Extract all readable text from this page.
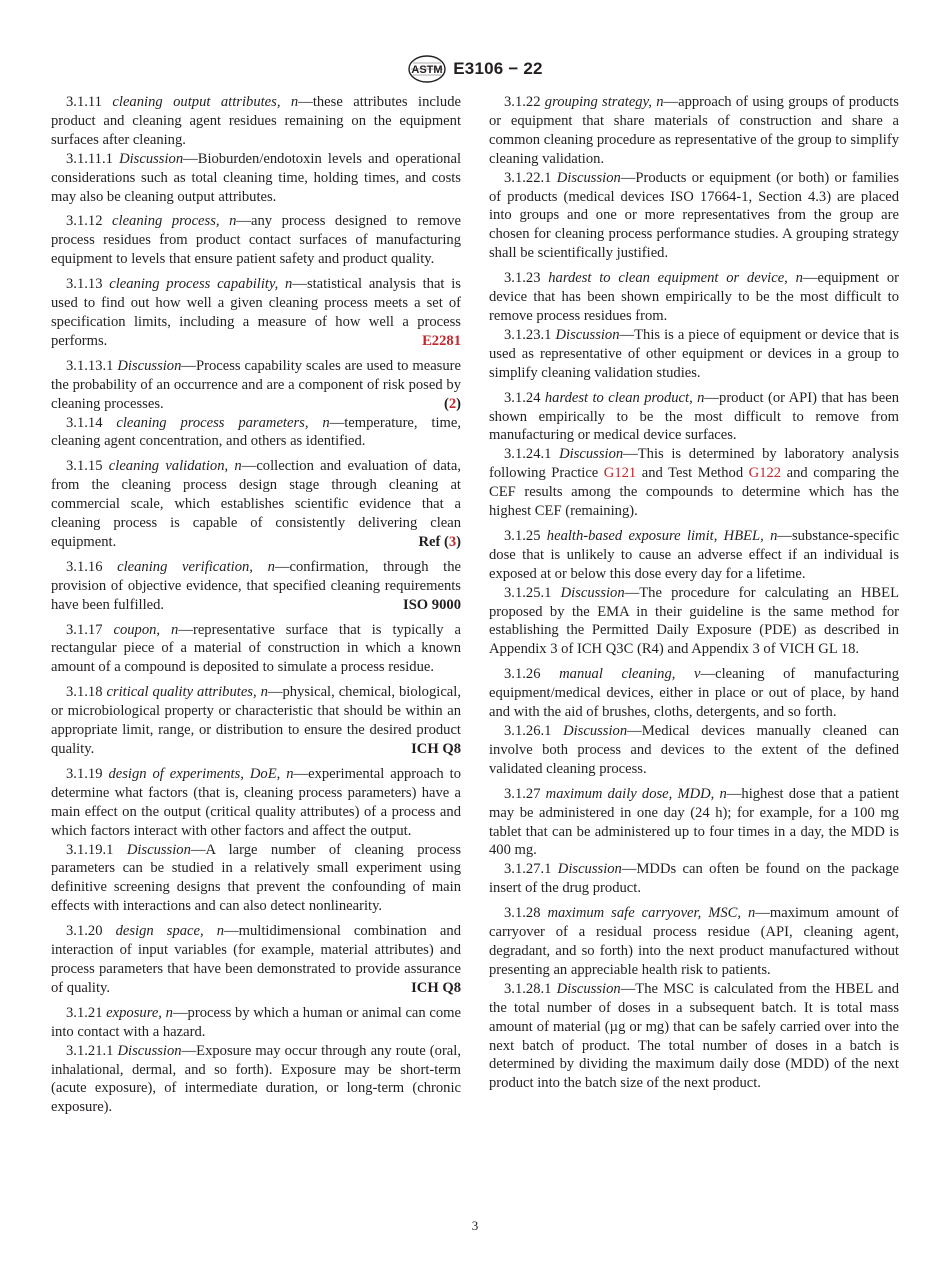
ASTM E3106 − 22

3.1.11 cleaning output attributes, n—these attributes include product and cleaning agent residues remaining on the equipment surfaces after cleaning.

3.1.11.1 Discussion—Bioburden/endotoxin levels and operational considerations such as total cleaning time, holding times, and costs may also be cleaning output attributes.

3.1.12 cleaning process, n—any process designed to remove process residues from product contact surfaces of manufacturing equipment to levels that ensure patient safety and product quality.

3.1.13 cleaning process capability, n—statistical analysis that is used to find out how well a given cleaning process meets a set of specification limits, including a measure of how well a process performs.	E2281

3.1.13.1 Discussion—Process capability scales are used to measure the probability of an occurrence and are a component of risk posed by cleaning processes.	(2)

3.1.14 cleaning process parameters, n—temperature, time, cleaning agent concentration, and others as identified.

3.1.15 cleaning validation, n—collection and evaluation of data, from the cleaning process design stage through cleaning at commercial scale, which establishes scientific evidence that a cleaning process is capable of consistently delivering clean equipment.	Ref (3)

3.1.16 cleaning verification, n—confirmation, through the provision of objective evidence, that specified cleaning requirements have been fulfilled.	ISO 9000

3.1.17 coupon, n—representative surface that is typically a rectangular piece of a material of construction in which a known amount of a compound is deposited to simulate a process residue.

3.1.18 critical quality attributes, n—physical, chemical, biological, or microbiological property or characteristic that should be within an appropriate limit, range, or distribution to ensure the desired product quality.	ICH Q8

3.1.19 design of experiments, DoE, n—experimental approach to determine what factors (that is, cleaning process parameters) have a main effect on the output (critical quality attributes) of a process and which factors interact with other factors and affect the output.

3.1.19.1 Discussion—A large number of cleaning process parameters can be studied in a relatively small experiment using definitive screening designs that prevent the confounding of main effects with interactions and can also detect nonlinearity.

3.1.20 design space, n—multidimensional combination and interaction of input variables (for example, material attributes) and process parameters that have been demonstrated to provide assurance of quality.	ICH Q8

3.1.21 exposure, n—process by which a human or animal can come into contact with a hazard.

3.1.21.1 Discussion—Exposure may occur through any route (oral, inhalational, dermal, and so forth). Exposure may be short-term (acute exposure), of intermediate duration, or long-term (chronic exposure).

3.1.22 grouping strategy, n—approach of using groups of products or equipment that share materials of construction and share a common cleaning procedure as representative of the group to simplify cleaning validation.

3.1.22.1 Discussion—Products or equipment (or both) or families of products (medical devices ISO 17664-1, Section 4.3) are placed into groups and one or more representatives from the group are chosen for cleaning process performance studies. A grouping strategy shall be scientifically justified.

3.1.23 hardest to clean equipment or device, n—equipment or device that has been shown empirically to be the most difficult to remove process residues from.

3.1.23.1 Discussion—This is a piece of equipment or device that is used as representative of other equipment or devices in a group to simplify cleaning validation studies.

3.1.24 hardest to clean product, n—product (or API) that has been shown empirically to be the most difficult to remove from manufacturing or medical device surfaces.

3.1.24.1 Discussion—This is determined by laboratory analysis following Practice G121 and Test Method G122 and comparing the CEF results among the compounds to determine which has the highest CEF (remaining).

3.1.25 health-based exposure limit, HBEL, n—substance-specific dose that is unlikely to cause an adverse effect if an individual is exposed at or below this dose every day for a lifetime.

3.1.25.1 Discussion—The procedure for calculating an HBEL proposed by the EMA in their guideline is the same method for establishing the Permitted Daily Exposure (PDE) as described in Appendix 3 of ICH Q3C (R4) and Appendix 3 of VICH GL 18.

3.1.26 manual cleaning, v—cleaning of manufacturing equipment/medical devices, either in place or out of place, by hand and with the aid of brushes, cloths, detergents, and so forth.

3.1.26.1 Discussion—Medical devices manually cleaned can involve both process and devices to the extent of the defined validated cleaning process.

3.1.27 maximum daily dose, MDD, n—highest dose that a patient may be administered in one day (24 h); for example, for a 100 mg tablet that can be administered up to four times in a day, the MDD is 400 mg.

3.1.27.1 Discussion—MDDs can often be found on the package insert of the drug product.

3.1.28 maximum safe carryover, MSC, n—maximum amount of carryover of a residual process residue (API, cleaning agent, degradant, and so forth) into the next product manufactured without presenting an appreciable health risk to patients.

3.1.28.1 Discussion—The MSC is calculated from the HBEL and the total number of doses in a subsequent batch. It is total mass amount of material (µg or mg) that can be safely carried over into the next batch of product. The total number of doses in a batch is determined by dividing the maximum daily dose (MDD) of the next product into the batch size of the next product.

3
